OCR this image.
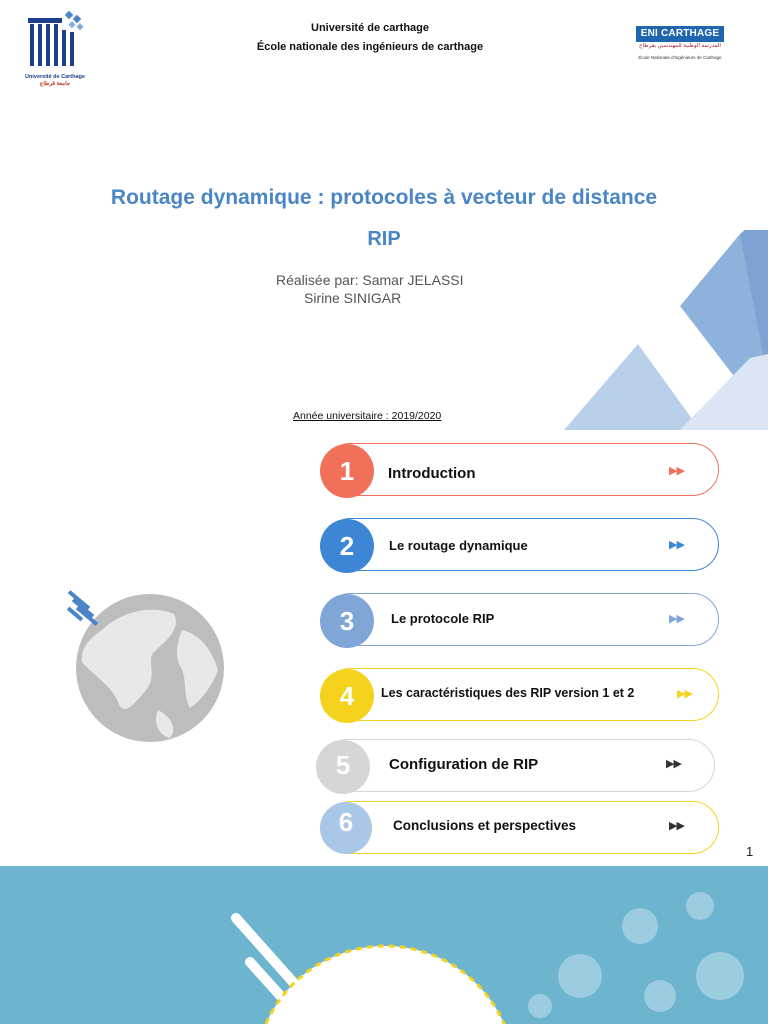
Université de Carthage
جامعة قرطاج
Université de carthage
École nationale des ingénieurs de carthage
ENI CARTHAGE
المدرسة الوطنية للمهندسين بقرطاج
École Nationale d'Ingénieurs de Carthage
Routage dynamique : protocoles à vecteur de distance
RIP
Réalisée par: Samar JELASSI
Sirine SINIGAR
Année universitaire : 2019/2020
1	Introduction	▶▶
2	Le routage dynamique	▶▶
3	Le protocole RIP	▶▶
4	Les caractéristiques des RIP version 1 et 2	▶▶
5	Configuration de RIP	▶▶
6	Conclusions et perspectives	▶▶
1
